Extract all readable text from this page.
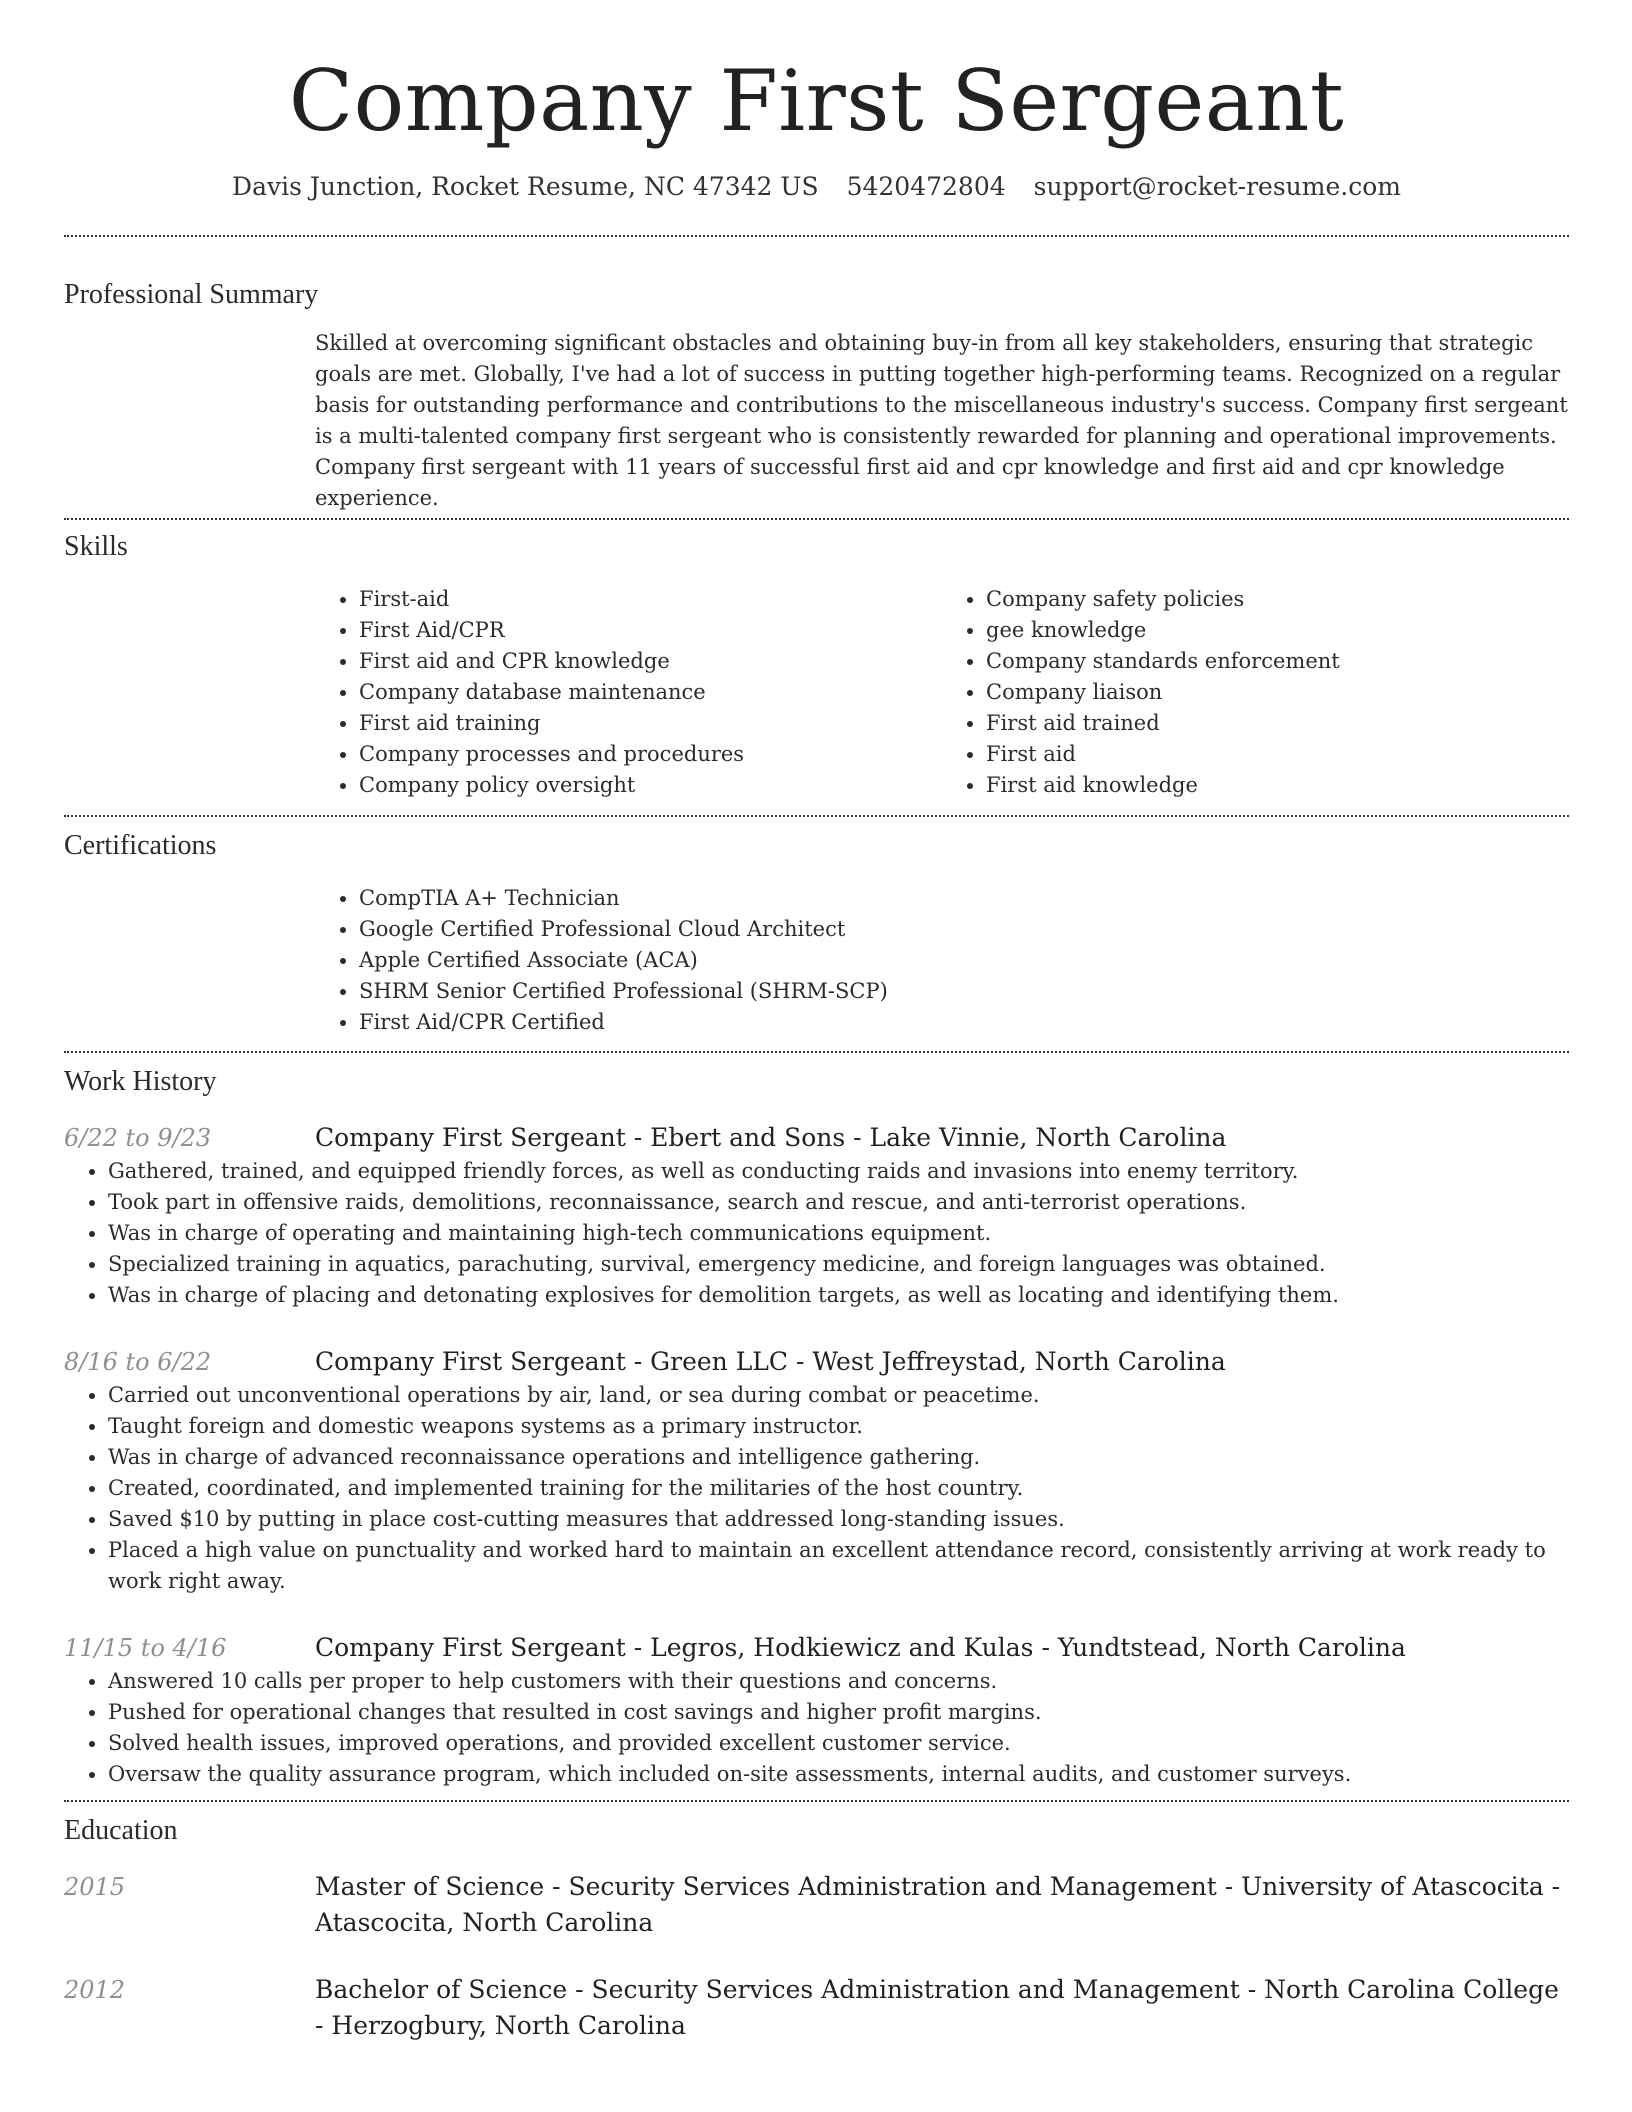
Company First Sergeant
Davis Junction, Rocket Resume, NC 47342 US 5420472804 support@rocket-resume.com
Professional Summary

Skilled at overcoming significant obstacles and obtaining buy-in from all key stakeholders, ensuring that strategic goals are met. Globally, I've had a lot of success in putting together high-performing teams. Recognized on a regular basis for outstanding performance and contributions to the miscellaneous industry's success. Company first sergeant is a multi-talented company first sergeant who is consistently rewarded for planning and operational improvements. Company first sergeant with 11 years of successful first aid and cpr knowledge and first aid and cpr knowledge experience.

Skills
• First-aid
• First Aid/CPR
• First aid and CPR knowledge
• Company database maintenance
• First aid training
• Company processes and procedures
• Company policy oversight
• Company safety policies
• gee knowledge
• Company standards enforcement
• Company liaison
• First aid trained
• First aid
• First aid knowledge
Certifications
• CompTIA A+ Technician
• Google Certified Professional Cloud Architect
• Apple Certified Associate (ACA)
• SHRM Senior Certified Professional (SHRM-SCP)
• First Aid/CPR Certified
Work History
6/22 to 9/23	Company First Sergeant - Ebert and Sons - Lake Vinnie, North Carolina
• Gathered, trained, and equipped friendly forces, as well as conducting raids and invasions into enemy territory.
• Took part in offensive raids, demolitions, reconnaissance, search and rescue, and anti-terrorist operations.
• Was in charge of operating and maintaining high-tech communications equipment.
• Specialized training in aquatics, parachuting, survival, emergency medicine, and foreign languages was obtained.
• Was in charge of placing and detonating explosives for demolition targets, as well as locating and identifying them.
8/16 to 6/22	Company First Sergeant - Green LLC - West Jeffreystad, North Carolina
• Carried out unconventional operations by air, land, or sea during combat or peacetime.
• Taught foreign and domestic weapons systems as a primary instructor.
• Was in charge of advanced reconnaissance operations and intelligence gathering.
• Created, coordinated, and implemented training for the militaries of the host country.
• Saved $10 by putting in place cost-cutting measures that addressed long-standing issues.
• Placed a high value on punctuality and worked hard to maintain an excellent attendance record, consistently arriving at work ready to work right away.
11/15 to 4/16	Company First Sergeant - Legros, Hodkiewicz and Kulas - Yundtstead, North Carolina
• Answered 10 calls per proper to help customers with their questions and concerns.
• Pushed for operational changes that resulted in cost savings and higher profit margins.
• Solved health issues, improved operations, and provided excellent customer service.
• Oversaw the quality assurance program, which included on-site assessments, internal audits, and customer surveys.
Education
2015	Master of Science - Security Services Administration and Management - University of Atascocita - Atascocita, North Carolina
2012	Bachelor of Science - Security Services Administration and Management - North Carolina College - Herzogbury, North Carolina
